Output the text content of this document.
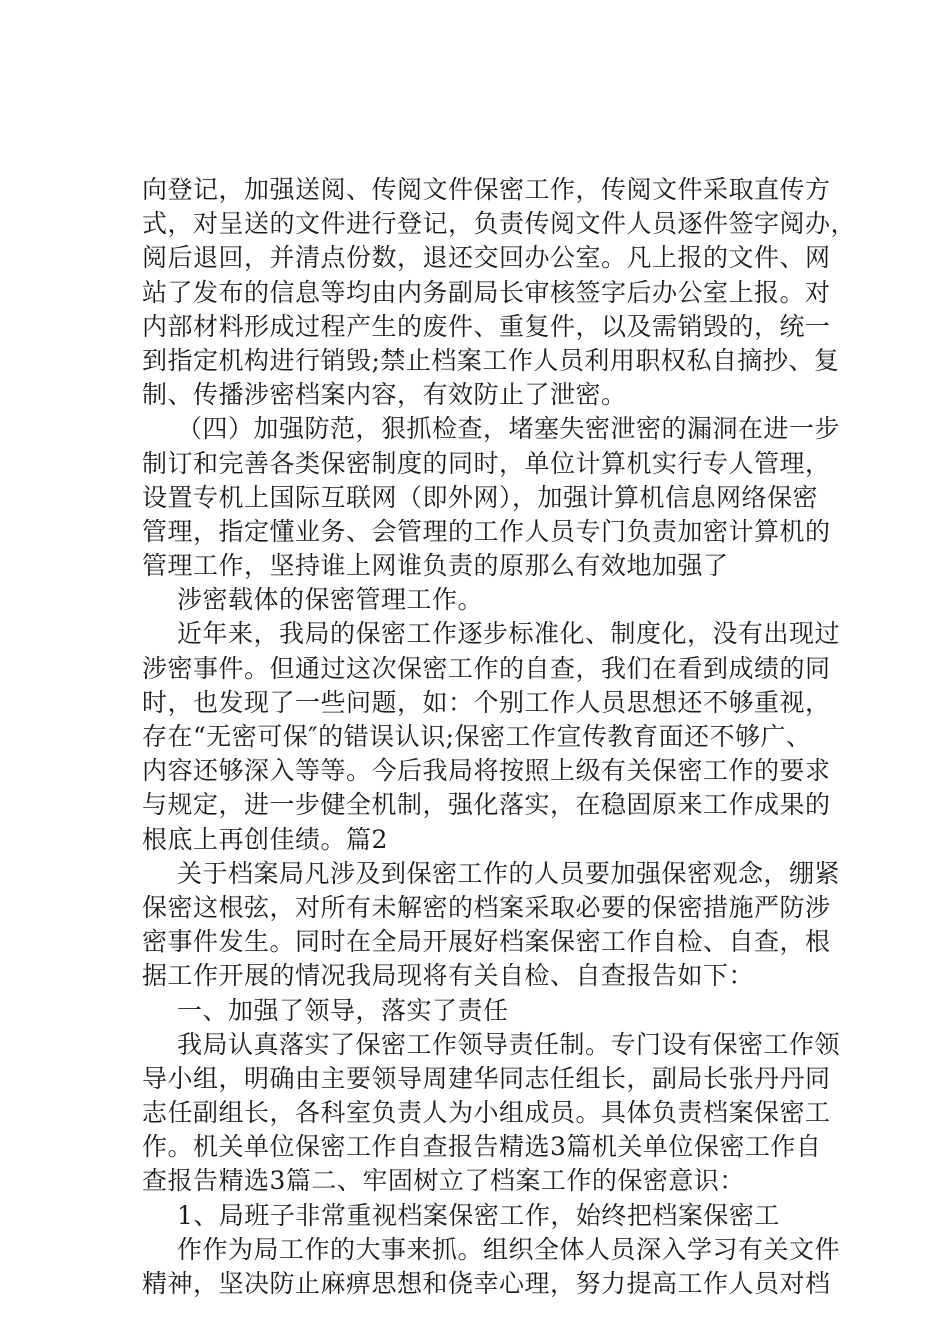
向登记，加强送阅、传阅文件保密工作，传阅文件采取直传方
式，对呈送的文件进行登记，负责传阅文件人员逐件签字阅办，
阅后退回，并清点份数，退还交回办公室。凡上报的文件、网
站了发布的信息等均由内务副局长审核签字后办公室上报。对
内部材料形成过程产生的废件、重复件，以及需销毁的，统一
到指定机构进行销毁;禁止档案工作人员利用职权私自摘抄、复
制、传播涉密档案内容，有效防止了泄密。
（四）加强防范，狠抓检查，堵塞失密泄密的漏洞在进一步
制订和完善各类保密制度的同时，单位计算机实行专人管理，
设置专机上国际互联网（即外网），加强计算机信息网络保密
管理，指定懂业务、会管理的工作人员专门负责加密计算机的
管理工作，坚持谁上网谁负责的原那么有效地加强了
涉密载体的保密管理工作。
近年来，我局的保密工作逐步标准化、制度化，没有出现过
涉密事件。但通过这次保密工作的自查，我们在看到成绩的同
时，也发现了一些问题，如：个别工作人员思想还不够重视，
存在“无密可保″的错误认识;保密工作宣传教育面还不够广、
内容还够深入等等。今后我局将按照上级有关保密工作的要求
与规定，进一步健全机制，强化落实，在稳固原来工作成果的
根底上再创佳绩。篇2
关于档案局凡涉及到保密工作的人员要加强保密观念，绷紧
保密这根弦，对所有未解密的档案采取必要的保密措施严防涉
密事件发生。同时在全局开展好档案保密工作自检、自查，根
据工作开展的情况我局现将有关自检、自查报告如下：
一、加强了领导，落实了责任
我局认真落实了保密工作领导责任制。专门设有保密工作领
导小组，明确由主要领导周建华同志任组长，副局长张丹丹同
志任副组长，各科室负责人为小组成员。具体负责档案保密工
作。机关单位保密工作自查报告精选3篇机关单位保密工作自
查报告精选3篇二、牢固树立了档案工作的保密意识：
1、局班子非常重视档案保密工作，始终把档案保密工
作作为局工作的大事来抓。组织全体人员深入学习有关文件
精神，坚决防止麻痹思想和侥幸心理，努力提高工作人员对档
